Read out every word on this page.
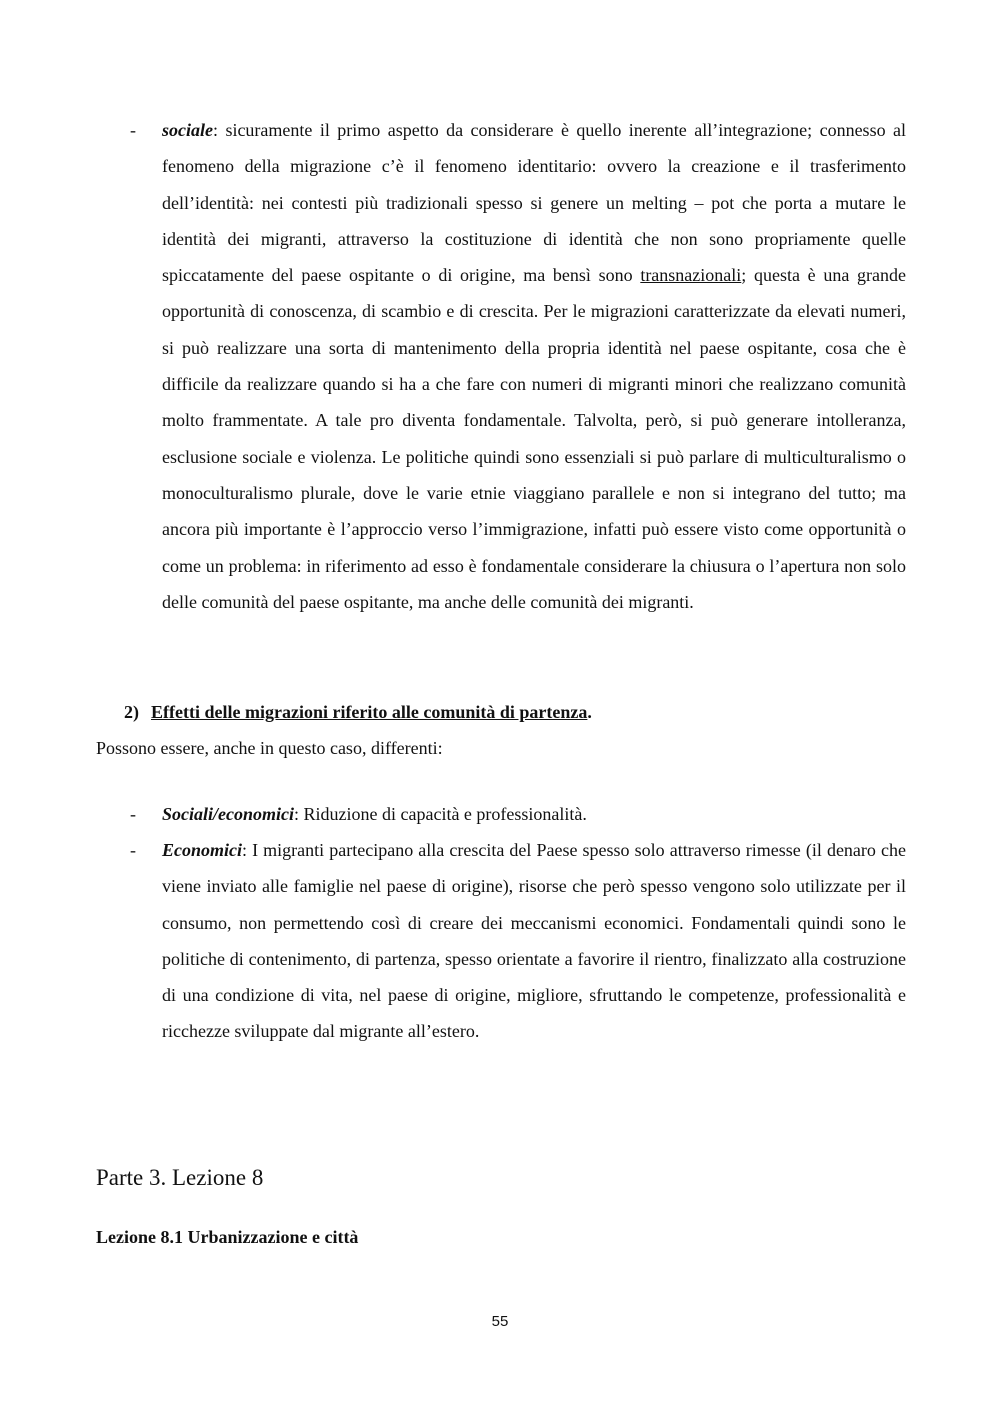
- sociale: sicuramente il primo aspetto da considerare è quello inerente all’integrazione; connesso al fenomeno della migrazione c’è il fenomeno identitario: ovvero la creazione e il trasferimento dell’identità: nei contesti più tradizionali spesso si genere un melting – pot che porta a mutare le identità dei migranti, attraverso la costituzione di identità che non sono propriamente quelle spiccatamente del paese ospitante o di origine, ma bensì sono transnazionali; questa è una grande opportunità di conoscenza, di scambio e di crescita. Per le migrazioni caratterizzate da elevati numeri, si può realizzare una sorta di mantenimento della propria identità nel paese ospitante, cosa che è difficile da realizzare quando si ha a che fare con numeri di migranti minori che realizzano comunità molto frammentate. A tale pro diventa fondamentale. Talvolta, però, si può generare intolleranza, esclusione sociale e violenza. Le politiche quindi sono essenziali si può parlare di multiculturalismo o monoculturalismo plurale, dove le varie etnie viaggiano parallele e non si integrano del tutto; ma ancora più importante è l’approccio verso l’immigrazione, infatti può essere visto come opportunità o come un problema: in riferimento ad esso è fondamentale considerare la chiusura o l’apertura non solo delle comunità del paese ospitante, ma anche delle comunità dei migranti.
2) Effetti delle migrazioni riferito alle comunità di partenza.
Possono essere, anche in questo caso, differenti:
- Sociali/economici: Riduzione di capacità e professionalità.
- Economici: I migranti partecipano alla crescita del Paese spesso solo attraverso rimesse (il denaro che viene inviato alle famiglie nel paese di origine), risorse che però spesso vengono solo utilizzate per il consumo, non permettendo così di creare dei meccanismi economici. Fondamentali quindi sono le politiche di contenimento, di partenza, spesso orientate a favorire il rientro, finalizzato alla costruzione di una condizione di vita, nel paese di origine, migliore, sfruttando le competenze, professionalità e ricchezze sviluppate dal migrante all’estero.
Parte 3. Lezione 8
Lezione 8.1 Urbanizzazione e città
55
